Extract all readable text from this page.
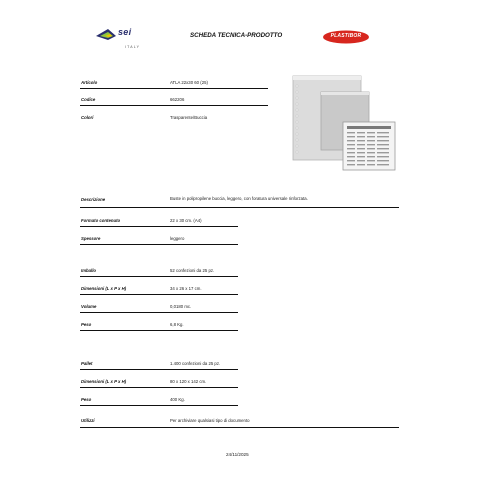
sei
ITALY
SCHEDA TECNICA-PRODOTTO	PLASTIBOR
Articolo	ATLA 22x30 60 (25)
Codice	662206
Colori	Trasparente/Buccia
Descrizione	Buste in polipropilene buccia, leggero, con foratura universale rinforzata.
Formato contenuto	22 x 30 cm. (A4)
Spessore	leggero
Imballo	52 confezioni da 25 pz.
Dimensioni (L x P x H)	34 x 26 x 17 cm.
Volume	0,0180 mc.
Peso	6,8 Kg.
Pallet	1.400 confezioni da 25 pz.
Dimensioni (L x P x H)	80 x 120 x 142 cm.
Peso	400 Kg.
Utilizzi	Per archiviare qualsiasi tipo di documento
24/11/2025
